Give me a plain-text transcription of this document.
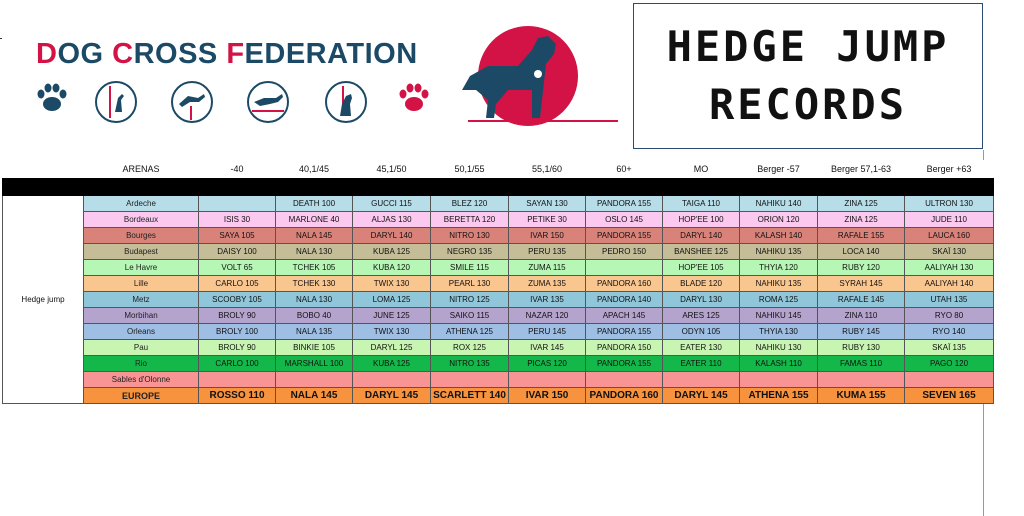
DOG CROSS FEDERATION	HEDGE JUMP
RECORDS
	ARENAS	-40	40,1/45	45,1/50	50,1/55	55,1/60	60+	MO	Berger -57	Berger 57,1-63	Berger +63

Hedge jump	Ardeche		DEATH 100	GUCCI 115	BLEZ 120	SAYAN 130	PANDORA 155	TAIGA 110	NAHIKU 140	ZINA 125	ULTRON 130
	Bordeaux	ISIS 30	MARLONE 40	ALJAS 130	BERETTA 120	PETIKE 30	OSLO 145	HOP'EE 100	ORION 120	ZINA 125	JUDE 110
	Bourges	SAYA 105	NALA 145	DARYL 140	NITRO 130	IVAR 150	PANDORA 155	DARYL 140	KALASH 140	RAFALE 155	LAUCA 160
	Budapest	DAISY 100	NALA 130	KUBA 125	NEGRO 135	PERU 135	PEDRO 150	BANSHEE 125	NAHIKU 135	LOCA 140	SKAÏ 130
	Le Havre	VOLT 65	TCHEK 105	KUBA 120	SMILE 115	ZUMA 115		HOP'EE 105	THYIA 120	RUBY 120	AALIYAH 130
	Lille	CARLO 105	TCHEK 130	TWIX 130	PEARL 130	ZUMA 135	PANDORA 160	BLADE 120	NAHIKU 135	SYRAH 145	AALIYAH 140
	Metz	SCOOBY 105	NALA 130	LOMA 125	NITRO 125	IVAR 135	PANDORA 140	DARYL 130	ROMA 125	RAFALE 145	UTAH 135
	Morbihan	BROLY 90	BOBO 40	JUNE 125	SAIKO 115	NAZAR 120	APACH 145	ARES 125	NAHIKU 145	ZINA 110	RYO 80
	Orleans	BROLY 100	NALA 135	TWIX 130	ATHENA 125	PERU 145	PANDORA 155	ODYN 105	THYIA 130	RUBY 145	RYO 140
	Pau	BROLY 90	BINKIE 105	DARYL 125	ROX 125	IVAR 145	PANDORA 150	EATER 130	NAHIKU 130	RUBY 130	SKAÏ 135
	Rio	CARLO 100	MARSHALL 100	KUBA 125	NITRO 135	PICAS 120	PANDORA 155	EATER 110	KALASH 110	FAMAS 110	PAGO 120
	Sables d'Olonne										
	EUROPE	ROSSO 110	NALA 145	DARYL 145	SCARLETT 140	IVAR 150	PANDORA 160	DARYL 145	ATHENA 155	KUMA 155	SEVEN 165
